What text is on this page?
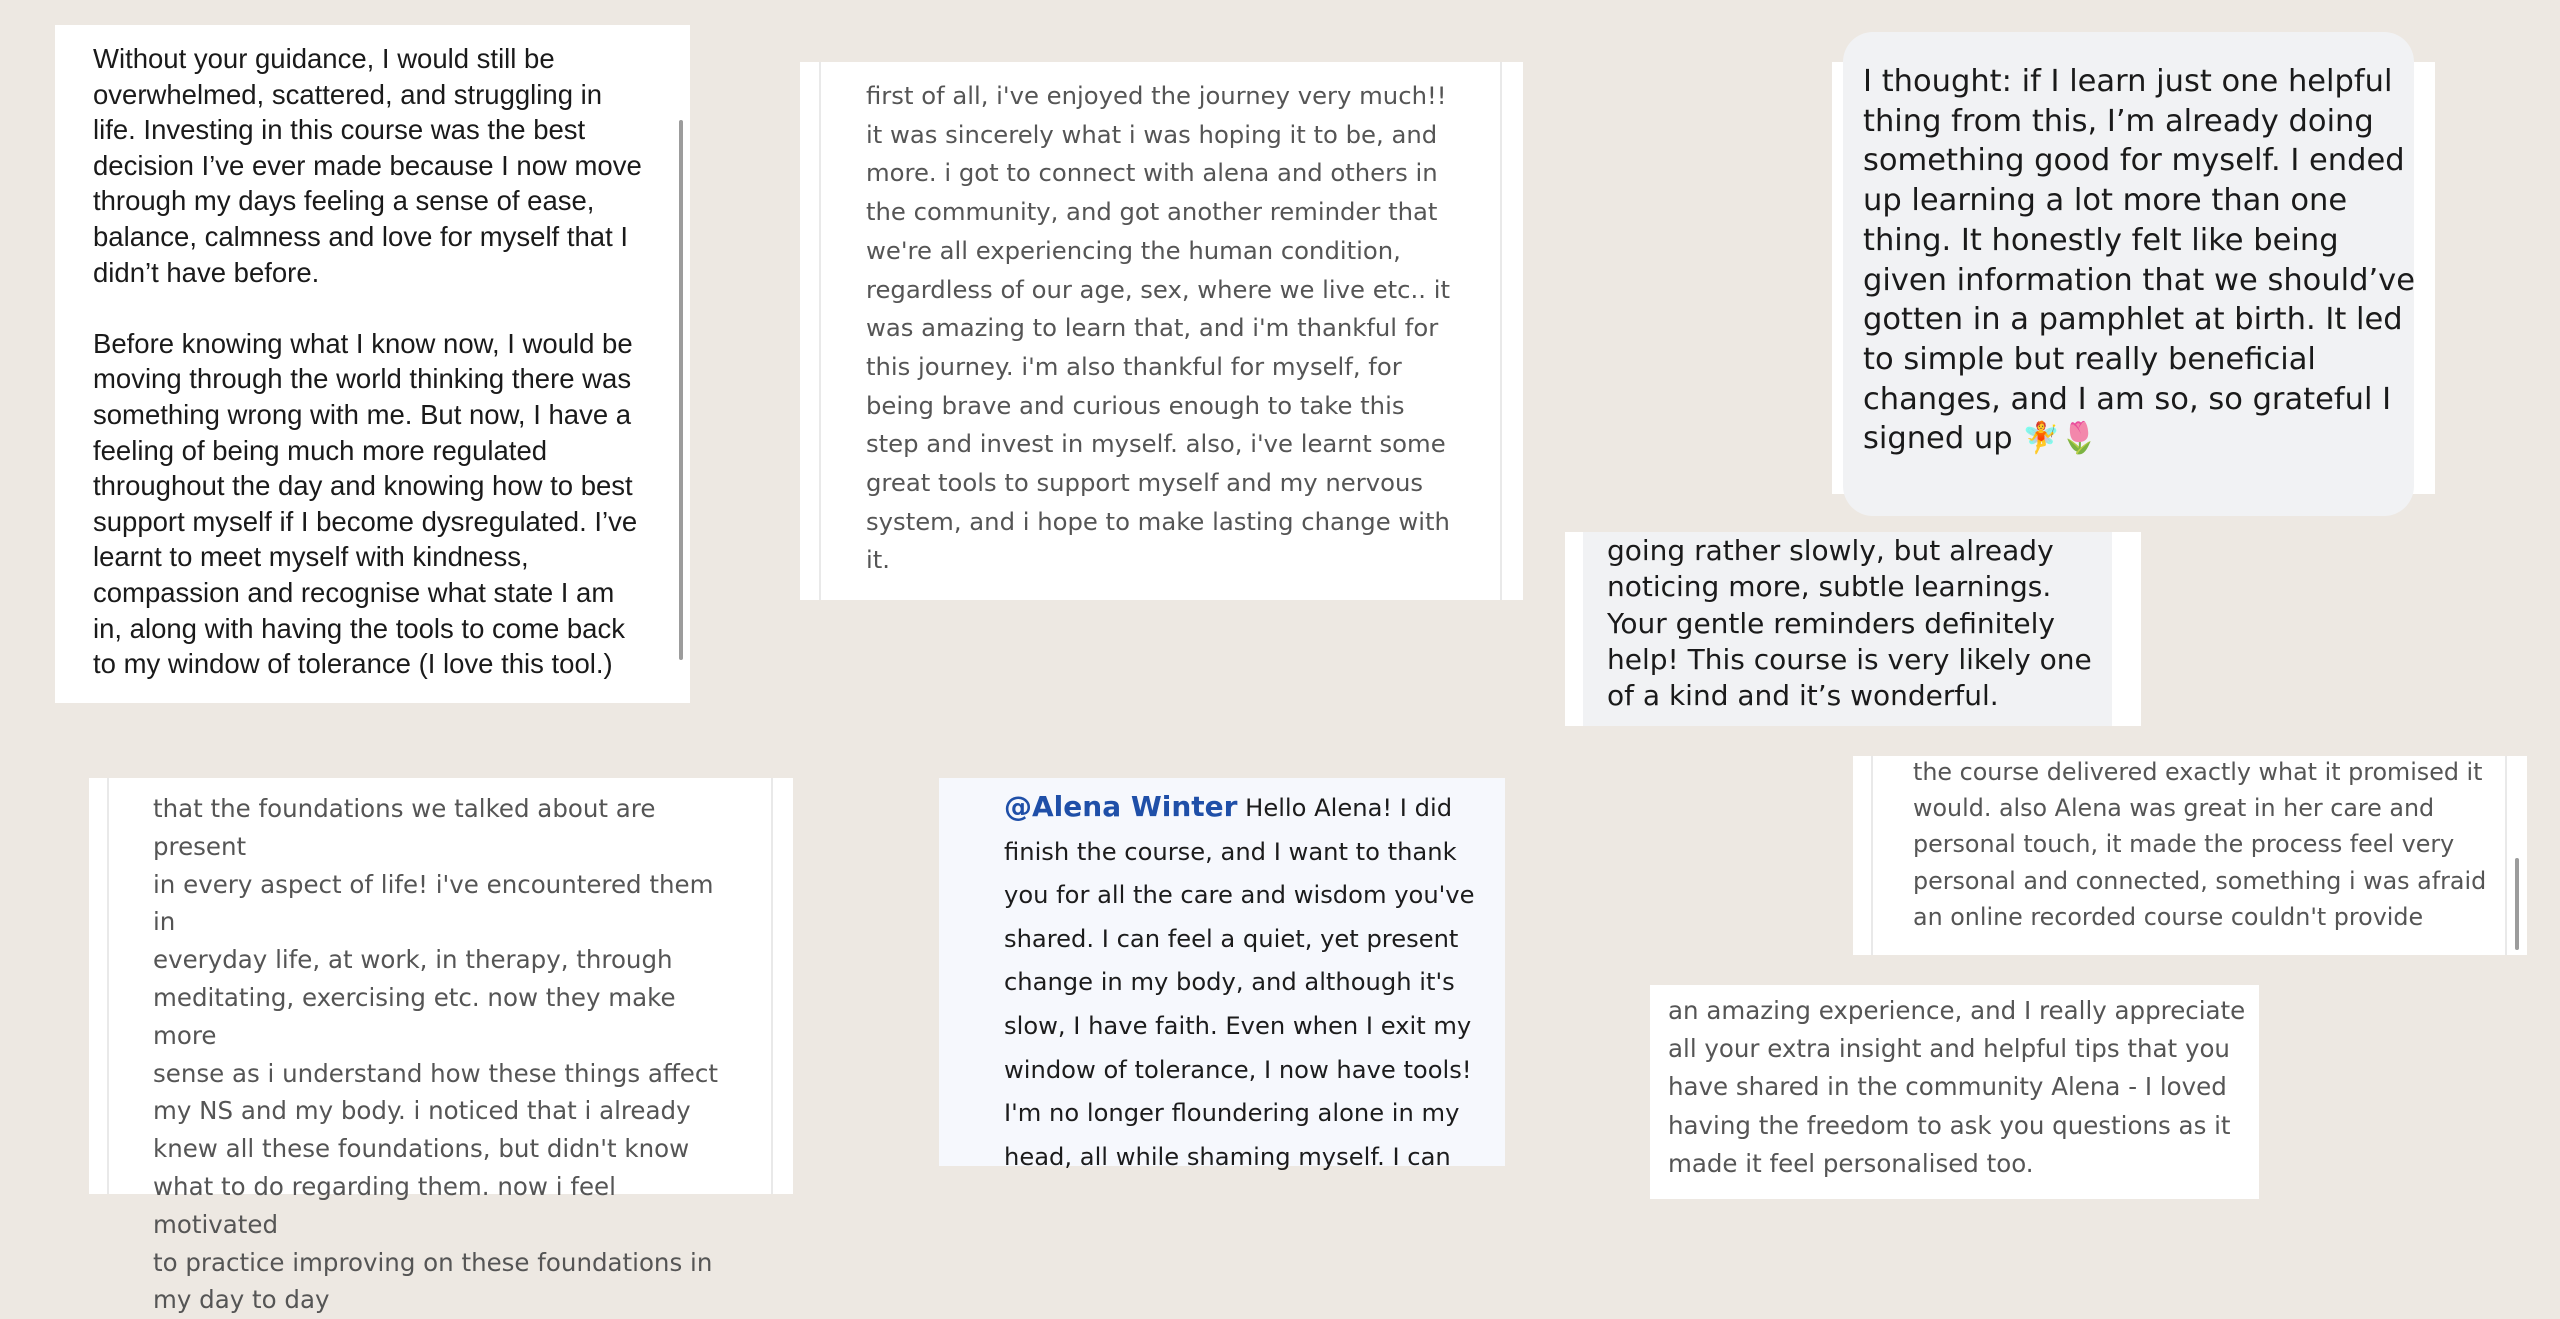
Without your guidance, I would still be
overwhelmed, scattered, and struggling in
life. Investing in this course was the best
decision I’ve ever made because I now move
through my days feeling a sense of ease,
balance, calmness and love for myself that I
didn’t have before.

Before knowing what I know now, I would be
moving through the world thinking there was
something wrong with me. But now, I have a
feeling of being much more regulated
throughout the day and knowing how to best
support myself if I become dysregulated. I’ve
learnt to meet myself with kindness,
compassion and recognise what state I am
in, along with having the tools to come back
to my window of tolerance (I love this tool.)

first of all, i've enjoyed the journey very much!!
it was sincerely what i was hoping it to be, and
more. i got to connect with alena and others in
the community, and got another reminder that
we're all experiencing the human condition,
regardless of our age, sex, where we live etc.. it
was amazing to learn that, and i'm thankful for
this journey. i'm also thankful for myself, for
being brave and curious enough to take this
step and invest in myself. also, i've learnt some
great tools to support myself and my nervous
system, and i hope to make lasting change with
it.

I thought: if I learn just one helpful
thing from this, I’m already doing
something good for myself. I ended
up learning a lot more than one
thing. It honestly felt like being
given information that we should’ve
gotten in a pamphlet at birth. It led
to simple but really beneficial
changes, and I am so, so grateful I
signed up 🧚🌷

going rather slowly, but already
noticing more, subtle learnings.
Your gentle reminders definitely
help! This course is very likely one
of a kind and it’s wonderful.

that the foundations we talked about are present
in every aspect of life! i've encountered them in
everyday life, at work, in therapy, through
meditating, exercising etc. now they make more
sense as i understand how these things affect
my NS and my body. i noticed that i already
knew all these foundations, but didn't know
what to do regarding them. now i feel motivated
to practice improving on these foundations in
my day to day

@Alena Winter Hello Alena! I did
finish the course, and I want to thank
you for all the care and wisdom you've
shared. I can feel a quiet, yet present
change in my body, and although it's
slow, I have faith. Even when I exit my
window of tolerance, I now have tools!
I'm no longer floundering alone in my
head, all while shaming myself. I can

the course delivered exactly what it promised it
would. also Alena was great in her care and
personal touch, it made the process feel very
personal and connected, something i was afraid
an online recorded course couldn't provide

an amazing experience, and I really appreciate
all your extra insight and helpful tips that you
have shared in the community Alena - I loved
having the freedom to ask you questions as it
made it feel personalised too.
